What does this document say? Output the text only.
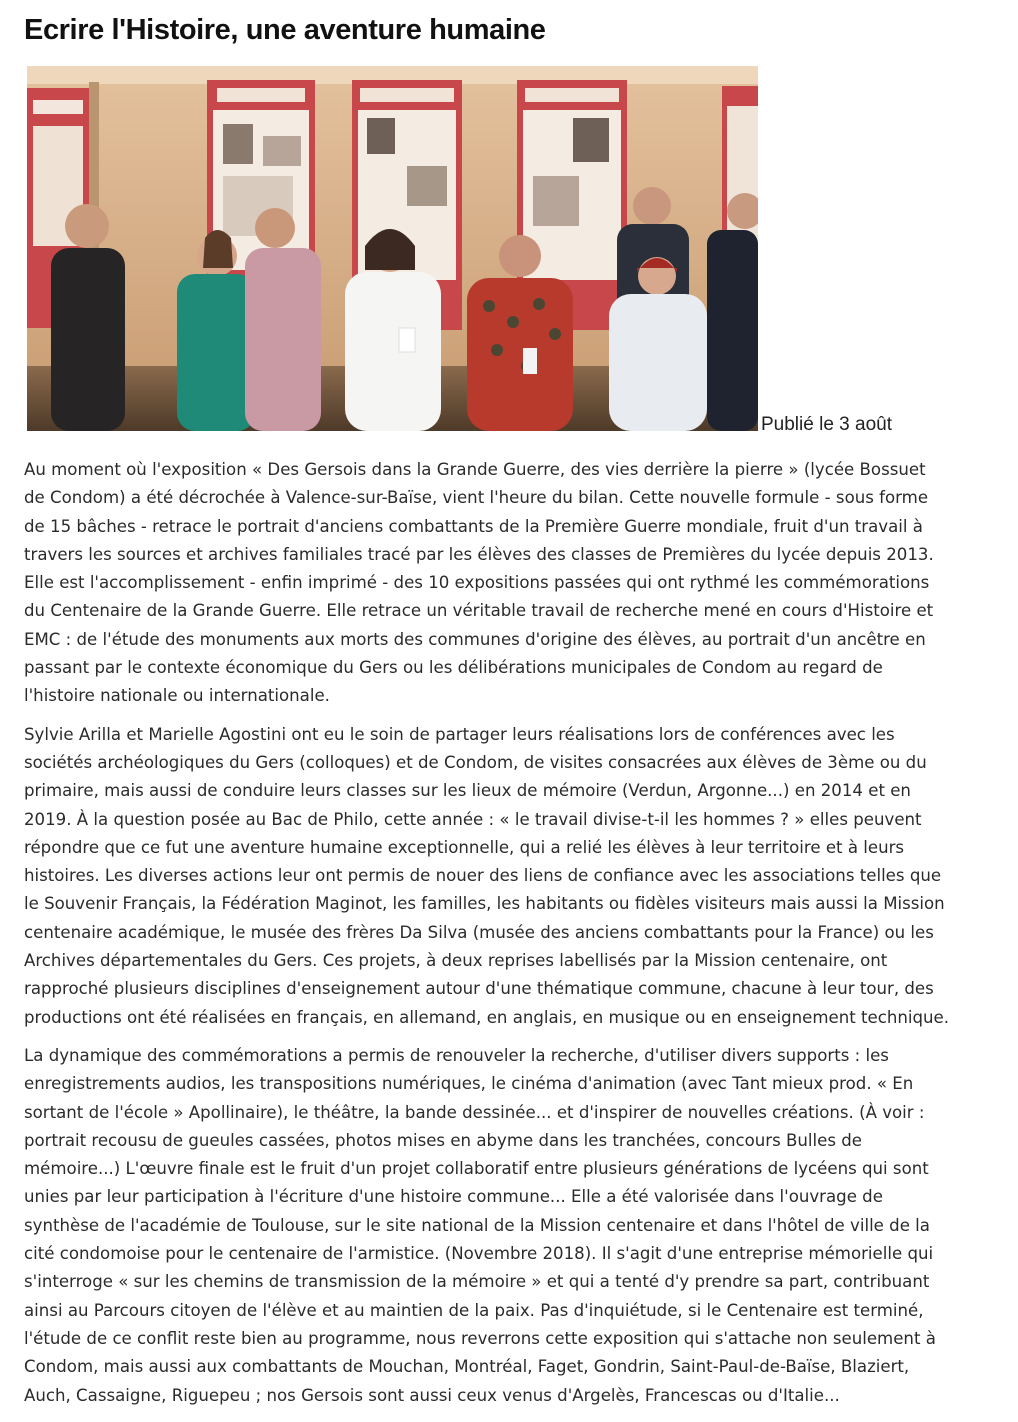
Ecrire l'Histoire, une aventure humaine
Publié le 3 août

Au moment où l'exposition « Des Gersois dans la Grande Guerre, des vies derrière la pierre » (lycée Bossuet
de Condom) a été décrochée à Valence-sur-Baïse, vient l'heure du bilan. Cette nouvelle formule - sous forme
de 15 bâches - retrace le portrait d'anciens combattants de la Première Guerre mondiale, fruit d'un travail à
travers les sources et archives familiales tracé par les élèves des classes de Premières du lycée depuis 2013.
Elle est l'accomplissement - enfin imprimé - des 10 expositions passées qui ont rythmé les commémorations
du Centenaire de la Grande Guerre. Elle retrace un véritable travail de recherche mené en cours d'Histoire et
EMC : de l'étude des monuments aux morts des communes d'origine des élèves, au portrait d'un ancêtre en
passant par le contexte économique du Gers ou les délibérations municipales de Condom au regard de
l'histoire nationale ou internationale.

Sylvie Arilla et Marielle Agostini ont eu le soin de partager leurs réalisations lors de conférences avec les
sociétés archéologiques du Gers (colloques) et de Condom, de visites consacrées aux élèves de 3ème ou du
primaire, mais aussi de conduire leurs classes sur les lieux de mémoire (Verdun, Argonne...) en 2014 et en
2019. À la question posée au Bac de Philo, cette année : « le travail divise-t-il les hommes ? » elles peuvent
répondre que ce fut une aventure humaine exceptionnelle, qui a relié les élèves à leur territoire et à leurs
histoires. Les diverses actions leur ont permis de nouer des liens de confiance avec les associations telles que
le Souvenir Français, la Fédération Maginot, les familles, les habitants ou fidèles visiteurs mais aussi la Mission
centenaire académique, le musée des frères Da Silva (musée des anciens combattants pour la France) ou les
Archives départementales du Gers. Ces projets, à deux reprises labellisés par la Mission centenaire, ont
rapproché plusieurs disciplines d'enseignement autour d'une thématique commune, chacune à leur tour, des
productions ont été réalisées en français, en allemand, en anglais, en musique ou en enseignement technique.

La dynamique des commémorations a permis de renouveler la recherche, d'utiliser divers supports : les
enregistrements audios, les transpositions numériques, le cinéma d'animation (avec Tant mieux prod. « En
sortant de l'école » Apollinaire), le théâtre, la bande dessinée... et d'inspirer de nouvelles créations. (À voir :
portrait recousu de gueules cassées, photos mises en abyme dans les tranchées, concours Bulles de
mémoire...) L'œuvre finale est le fruit d'un projet collaboratif entre plusieurs générations de lycéens qui sont
unies par leur participation à l'écriture d'une histoire commune... Elle a été valorisée dans l'ouvrage de
synthèse de l'académie de Toulouse, sur le site national de la Mission centenaire et dans l'hôtel de ville de la
cité condomoise pour le centenaire de l'armistice. (Novembre 2018). Il s'agit d'une entreprise mémorielle qui
s'interroge « sur les chemins de transmission de la mémoire » et qui a tenté d'y prendre sa part, contribuant
ainsi au Parcours citoyen de l'élève et au maintien de la paix. Pas d'inquiétude, si le Centenaire est terminé,
l'étude de ce conflit reste bien au programme, nous reverrons cette exposition qui s'attache non seulement à
Condom, mais aussi aux combattants de Mouchan, Montréal, Faget, Gondrin, Saint-Paul-de-Baïse, Blaziert,
Auch, Cassaigne, Riguepeu ; nos Gersois sont aussi ceux venus d'Argelès, Francescas ou d'Italie...
